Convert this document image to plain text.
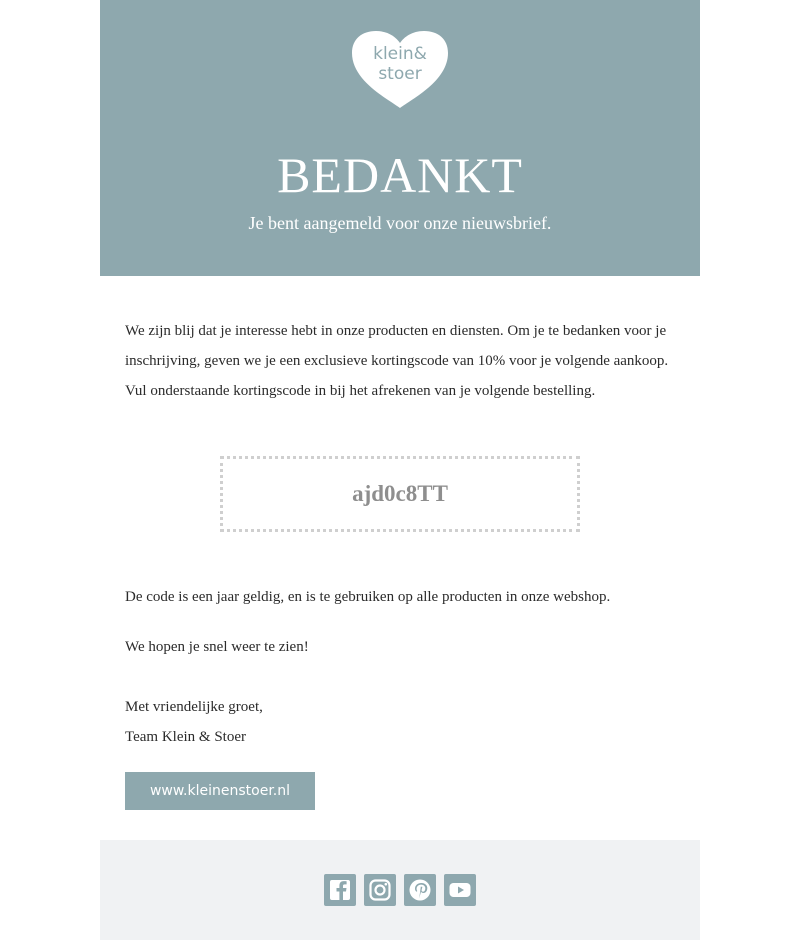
klein&
stoer
BEDANKT
Je bent aangemeld voor onze nieuwsbrief.

We zijn blij dat je interesse hebt in onze producten en diensten. Om je te bedanken voor je inschrijving, geven we je een exclusieve kortingscode van 10% voor je volgende aankoop. Vul onderstaande kortingscode in bij het afrekenen van je volgende bestelling.

ajd0c8TT

De code is een jaar geldig, en is te gebruiken op alle producten in onze webshop.

We hopen je snel weer te zien!

Met vriendelijke groet,

Team Klein & Stoer

www.kleinenstoer.nl
